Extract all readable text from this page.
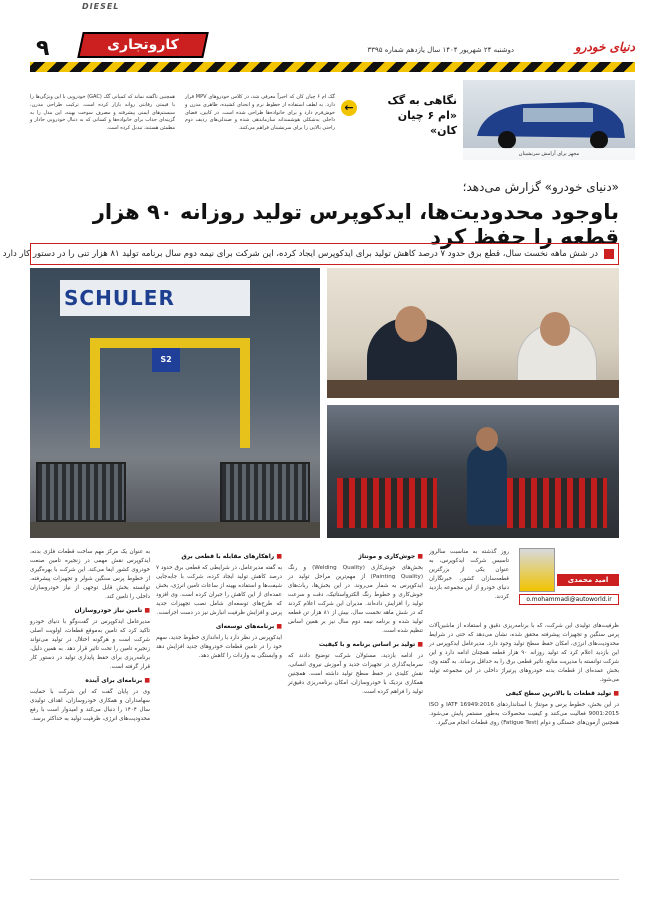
DIESEL
کاروتجاری
۹	دوشنبه ۲۴ شهریور ۱۴۰۴ سال یازدهم شماره ۳۳۹۵	دنیای خودرو
مجهز برای آرامش سرنشینان
نگاهی به گک «ام ۶ چیان کان»
←
گک ام ۶ چیان کان که اخیراً معرفی شد، در کلاس خودروهای MPV قرار دارد. به لطف استفاده از خطوط نرم و انحنای کشیده، ظاهری مدرن و خوش‌فرم دارد و برای خانواده‌ها طراحی شده است. در کابین، فضای داخلی به‌شکلی هوشمندانه سازماندهی شده و صندلی‌های ردیف دوم راحتی بالایی را برای سرنشینان فراهم می‌کنند.
همچنین ناگفته نماند که کمپانی گک (GAC) خودرویی با این ویژگی‌ها را با قیمتی رقابتی روانه بازار کرده است. ترکیب طراحی مدرن، سیستم‌های ایمنی پیشرفته و مصرف سوخت بهینه، این مدل را به گزینه‌ای جذاب برای خانواده‌ها و کسانی که به دنبال خودرویی جادار و مطمئن هستند، تبدیل کرده است.
«دنیای خودرو» گزارش می‌دهد؛
باوجود محدودیت‌ها، ایدکوپرس تولید روزانه ۹۰ هزار قطعه را حفظ کرد
در شش ماهه نخست سال، قطع برق حدود ۷ درصد کاهش تولید برای ایدکوپرس ایجاد کرده، این شرکت برای نیمه دوم سال برنامه تولید ۸۱ هزار تنی را در دستور کار دارد
SCHULER
S2
امید محمدی
o.mohammadi@autoworld.ir
روز گذشته به مناسبت سالروز تاسیس شرکت ایدکوپرس، به عنوان یکی از بزرگترین قطعه‌سازان کشور، خبرنگاران دنیای خودرو از این مجموعه بازدید کردند.
ظرفیت‌های تولیدی این شرکت، که با برنامه‌ریزی دقیق و استفاده از ماشین‌آلات پرس سنگین و تجهیزات پیشرفته محقق شده، نشان می‌دهد که حتی در شرایط محدودیت‌های انرژی، امکان حفظ سطح تولید وجود دارد. مدیرعامل ایدکوپرس در این بازدید اعلام کرد که تولید روزانه ۹۰ هزار قطعه همچنان ادامه دارد و این شرکت توانسته با مدیریت منابع، تاثیر قطعی برق را به حداقل برساند. به گفته وی، بخش عمده‌ای از قطعات بدنه خودروهای پرتیراژ داخلی در این مجموعه تولید می‌شود.
■ تولید قطعات با بالاترین سطح کیفی
در این بخش، خطوط پرس و مونتاژ با استانداردهای IATF 16949:2016 و ISO 9001:2015 فعالیت می‌کنند و کیفیت محصولات به‌طور مستمر پایش می‌شود. همچنین آزمون‌های خستگی و دوام (Fatigue Test) روی قطعات انجام می‌گیرد.
■ جوش‌کاری و مونتاژ
بخش‌های جوش‌کاری (Welding Quality) و رنگ (Painting Quality) از مهم‌ترین مراحل تولید در ایدکوپرس به شمار می‌روند. در این بخش‌ها، ربات‌های جوش‌کاری و خطوط رنگ الکترواستاتیک، دقت و سرعت تولید را افزایش داده‌اند. مدیران این شرکت اعلام کردند که در شش ماهه نخست سال، بیش از ۸۱ هزار تن قطعه تولید شده و برنامه نیمه دوم سال نیز بر همین اساس تنظیم شده است.
■ تولید بر اساس برنامه و با کیفیت
در ادامه بازدید، مسئولان شرکت توضیح دادند که سرمایه‌گذاری در تجهیزات جدید و آموزش نیروی انسانی، نقش کلیدی در حفظ سطح تولید داشته است. همچنین همکاری نزدیک با خودروسازان، امکان برنامه‌ریزی دقیق‌تر تولید را فراهم کرده است.
■ راهکارهای مقابله با قطعی برق
به گفته مدیرعامل، در شرایطی که قطعی برق حدود ۷ درصد کاهش تولید ایجاد کرده، شرکت با جابه‌جایی شیفت‌ها و استفاده بهینه از ساعات تامین انرژی، بخش عمده‌ای از این کاهش را جبران کرده است. وی افزود که طرح‌های توسعه‌ای شامل نصب تجهیزات جدید پرس و افزایش ظرفیت انبارش نیز در دست اجراست.
■ برنامه‌های توسعه‌ای
ایدکوپرس در نظر دارد با راه‌اندازی خطوط جدید، سهم خود را در تامین قطعات خودروهای جدید افزایش دهد و وابستگی به واردات را کاهش دهد.
به عنوان یک مرکز مهم ساخت قطعات فلزی بدنه، ایدکوپرس نقش مهمی در زنجیره تامین صنعت خودروی کشور ایفا می‌کند. این شرکت با بهره‌گیری از خطوط پرس سنگین شولر و تجهیزات پیشرفته، توانسته بخش قابل توجهی از نیاز خودروسازان داخلی را تامین کند.
■ تامین نیاز خودروسازان
مدیرعامل ایدکوپرس در گفت‌وگو با دنیای خودرو تاکید کرد که تامین به‌موقع قطعات، اولویت اصلی شرکت است و هرگونه اختلال در تولید می‌تواند زنجیره تامین را تحت تاثیر قرار دهد. به همین دلیل، برنامه‌ریزی برای حفظ پایداری تولید در دستور کار قرار گرفته است.
■ برنامه‌ای برای آینده
وی در پایان گفت که این شرکت با حمایت سهامداران و همکاری خودروسازان، اهداف تولیدی سال ۱۴۰۴ را دنبال می‌کند و امیدوار است با رفع محدودیت‌های انرژی، ظرفیت تولید به حداکثر برسد.
